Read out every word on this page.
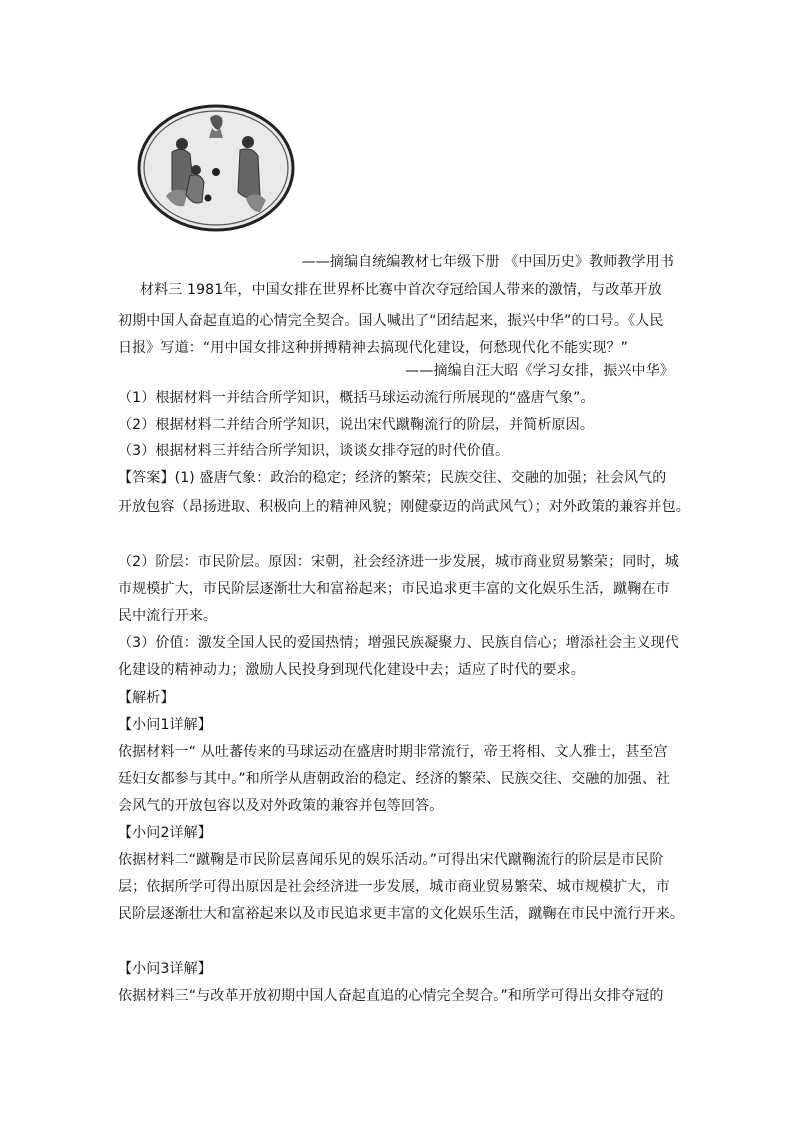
——摘编自统编教材七年级下册 《中国历史》教师教学用书
材料三 1981年，中国女排在世界杯比赛中首次夺冠给国人带来的激情，与改革开放
初期中国人奋起直追的心情完全契合。国人喊出了“团结起来，振兴中华”的口号。《人民
日报》写道：“用中国女排这种拼搏精神去搞现代化建设，何愁现代化不能实现？”
——摘编自汪大昭《学习女排，振兴中华》
（1）根据材料一并结合所学知识，概括马球运动流行所展现的“盛唐气象”。
（2）根据材料二并结合所学知识，说出宋代蹴鞠流行的阶层，并简析原因。
（3）根据材料三并结合所学知识，谈谈女排夺冠的时代价值。
【答案】(1) 盛唐气象：政治的稳定；经济的繁荣；民族交往、交融的加强；社会风气的
开放包容（昂扬进取、积极向上的精神风貌；刚健豪迈的尚武风气）；对外政策的兼容并包。
（2）阶层：市民阶层。原因：宋朝，社会经济进一步发展，城市商业贸易繁荣；同时，城
市规模扩大，市民阶层逐渐壮大和富裕起来；市民追求更丰富的文化娱乐生活，蹴鞠在市
民中流行开来。
（3）价值：激发全国人民的爱国热情；增强民族凝聚力、民族自信心；增添社会主义现代
化建设的精神动力；激励人民投身到现代化建设中去；适应了时代的要求。
【解析】
【小问1详解】
依据材料一“ 从吐蕃传来的马球运动在盛唐时期非常流行，帝王将相、文人雅士，甚至宫
廷妇女都参与其中。”和所学从唐朝政治的稳定、经济的繁荣、民族交往、交融的加强、社
会风气的开放包容以及对外政策的兼容并包等回答。
【小问2详解】
依据材料二“蹴鞠是市民阶层喜闻乐见的娱乐活动。”可得出宋代蹴鞠流行的阶层是市民阶
层；依据所学可得出原因是社会经济进一步发展，城市商业贸易繁荣、城市规模扩大，市
民阶层逐渐壮大和富裕起来以及市民追求更丰富的文化娱乐生活，蹴鞠在市民中流行开来。
【小问3详解】
依据材料三“与改革开放初期中国人奋起直追的心情完全契合。”和所学可得出女排夺冠的
